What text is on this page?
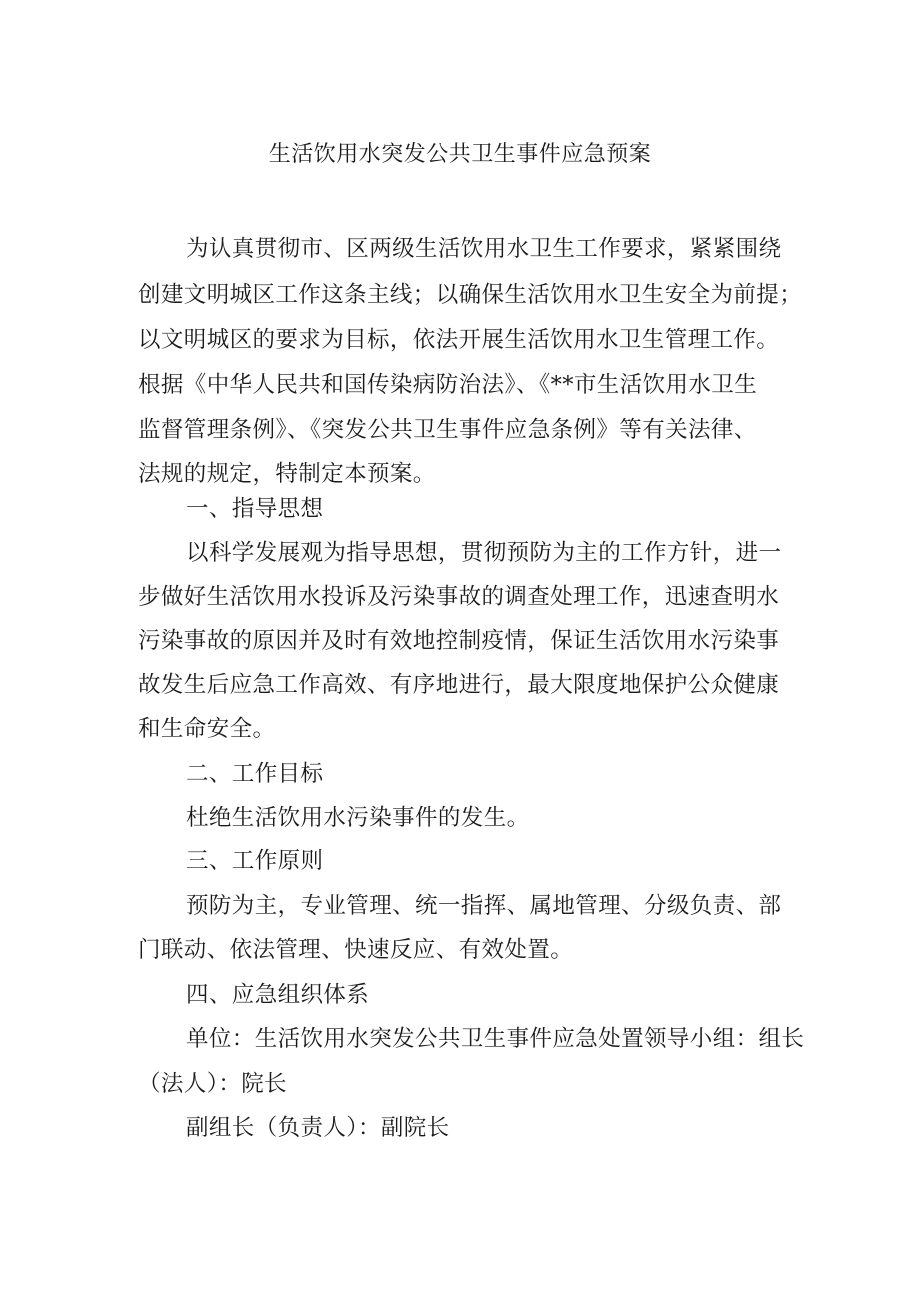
生活饮用水突发公共卫生事件应急预案
为认真贯彻市、区两级生活饮用水卫生工作要求，紧紧围绕
创建文明城区工作这条主线；以确保生活饮用水卫生安全为前提；
以文明城区的要求为目标，依法开展生活饮用水卫生管理工作。
根据《中华人民共和国传染病防治法》、《**市生活饮用水卫生
监督管理条例》、《突发公共卫生事件应急条例》等有关法律、
法规的规定，特制定本预案。
一、指导思想
以科学发展观为指导思想，贯彻预防为主的工作方针，进一
步做好生活饮用水投诉及污染事故的调查处理工作，迅速查明水
污染事故的原因并及时有效地控制疫情，保证生活饮用水污染事
故发生后应急工作高效、有序地进行，最大限度地保护公众健康
和生命安全。
二、工作目标
杜绝生活饮用水污染事件的发生。
三、工作原则
预防为主，专业管理、统一指挥、属地管理、分级负责、部
门联动、依法管理、快速反应、有效处置。
四、应急组织体系
单位：生活饮用水突发公共卫生事件应急处置领导小组：组长
（法人）：院长
副组长（负责人）：副院长
